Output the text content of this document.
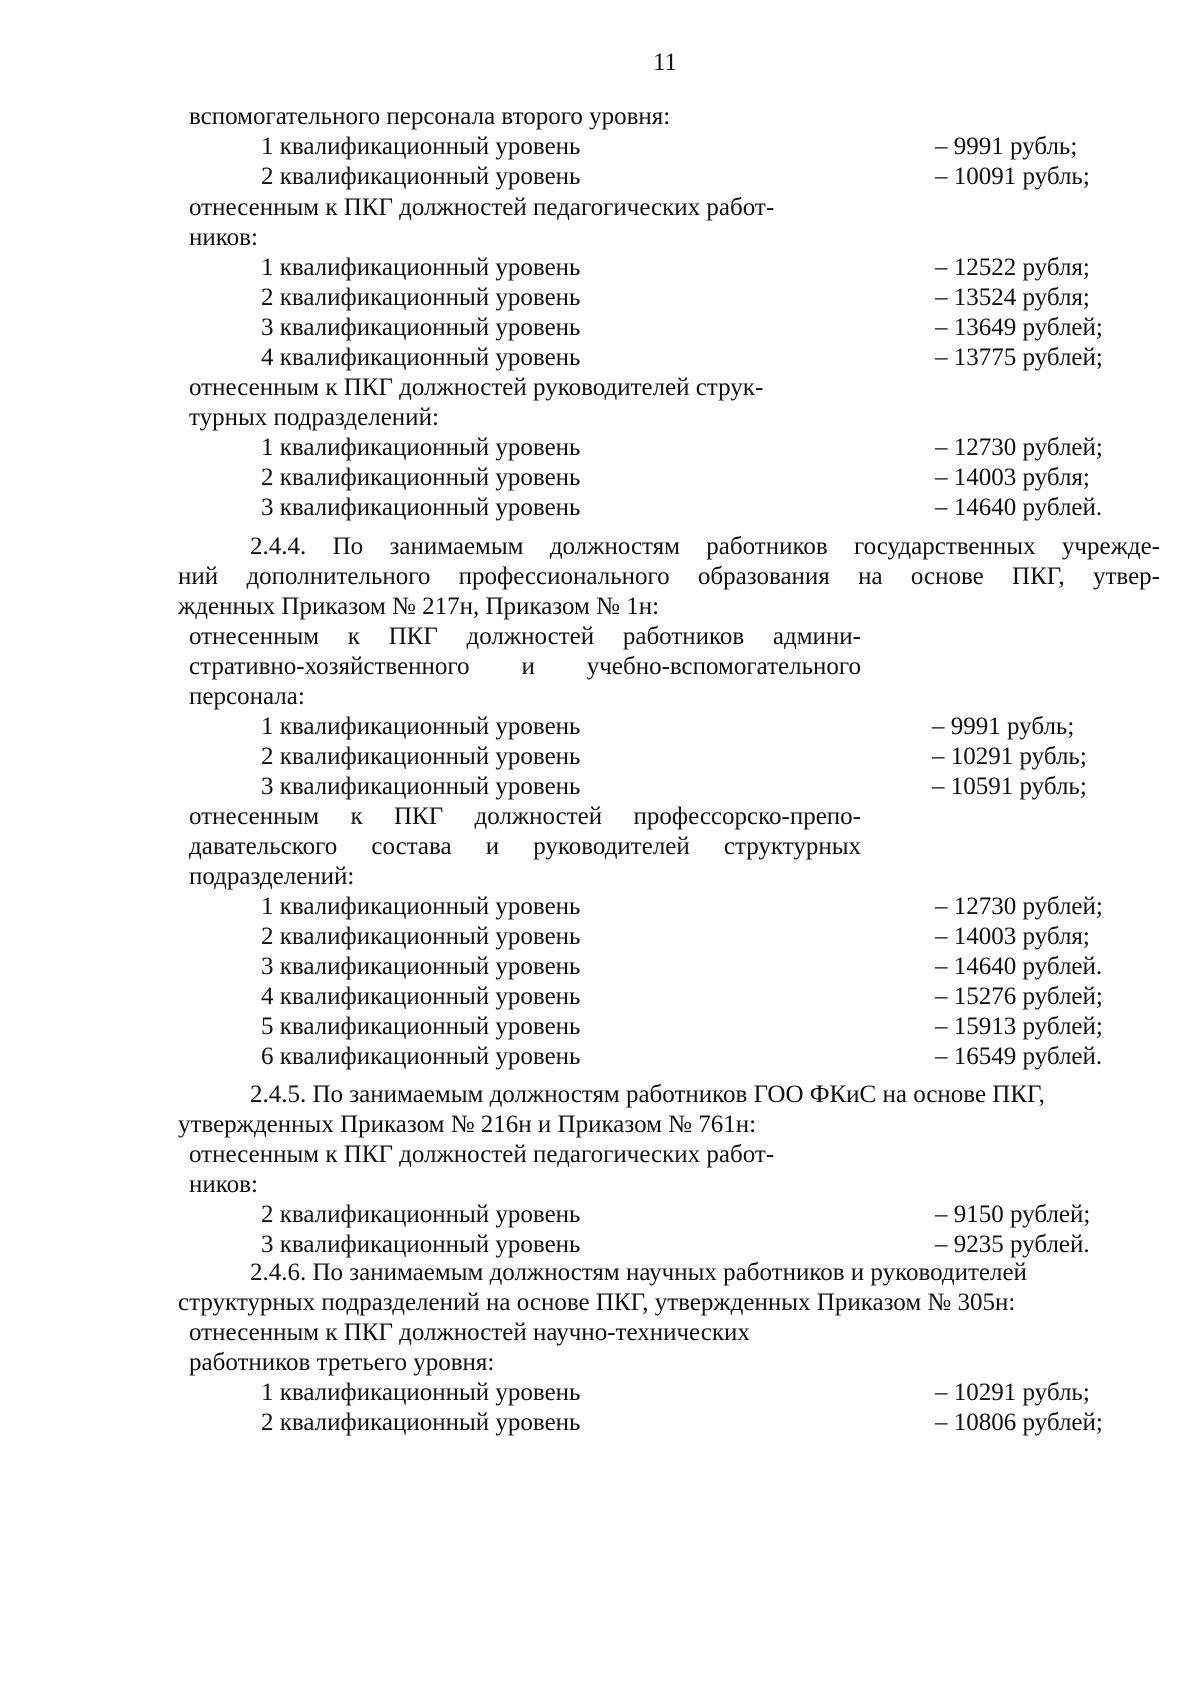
11
вспомогательного персонала второго уровня:
1 квалификационный уровень	– 9991 рубль;
2 квалификационный уровень	– 10091 рубль;
отнесенным к ПКГ должностей педагогических работ-
ников:
1 квалификационный уровень	– 12522 рубля;
2 квалификационный уровень	– 13524 рубля;
3 квалификационный уровень	– 13649 рублей;
4 квалификационный уровень	– 13775 рублей;
отнесенным к ПКГ должностей руководителей струк-
турных подразделений:
1 квалификационный уровень	– 12730 рублей;
2 квалификационный уровень	– 14003 рубля;
3 квалификационный уровень	– 14640 рублей.
2.4.4. По занимаемым должностям работников государственных учрежде-
ний дополнительного профессионального образования на основе ПКГ, утвер-
жденных Приказом № 217н, Приказом № 1н:
отнесенным к ПКГ должностей работников админи-
стративно-хозяйственного и учебно-вспомогательного
персонала:
1 квалификационный уровень	– 9991 рубль;
2 квалификационный уровень	– 10291 рубль;
3 квалификационный уровень	– 10591 рубль;
отнесенным к ПКГ должностей профессорско-препо-
давательского состава и руководителей структурных
подразделений:
1 квалификационный уровень	– 12730 рублей;
2 квалификационный уровень	– 14003 рубля;
3 квалификационный уровень	– 14640 рублей.
4 квалификационный уровень	– 15276 рублей;
5 квалификационный уровень	– 15913 рублей;
6 квалификационный уровень	– 16549 рублей.
2.4.5. По занимаемым должностям работников ГОО ФКиС на основе ПКГ,
утвержденных Приказом № 216н и Приказом № 761н:
отнесенным к ПКГ должностей педагогических работ-
ников:
2 квалификационный уровень	– 9150 рублей;
3 квалификационный уровень	– 9235 рублей.
2.4.6. По занимаемым должностям научных работников и руководителей
структурных подразделений на основе ПКГ, утвержденных Приказом № 305н:
отнесенным к ПКГ должностей научно-технических
работников третьего уровня:
1 квалификационный уровень	– 10291 рубль;
2 квалификационный уровень	– 10806 рублей;
